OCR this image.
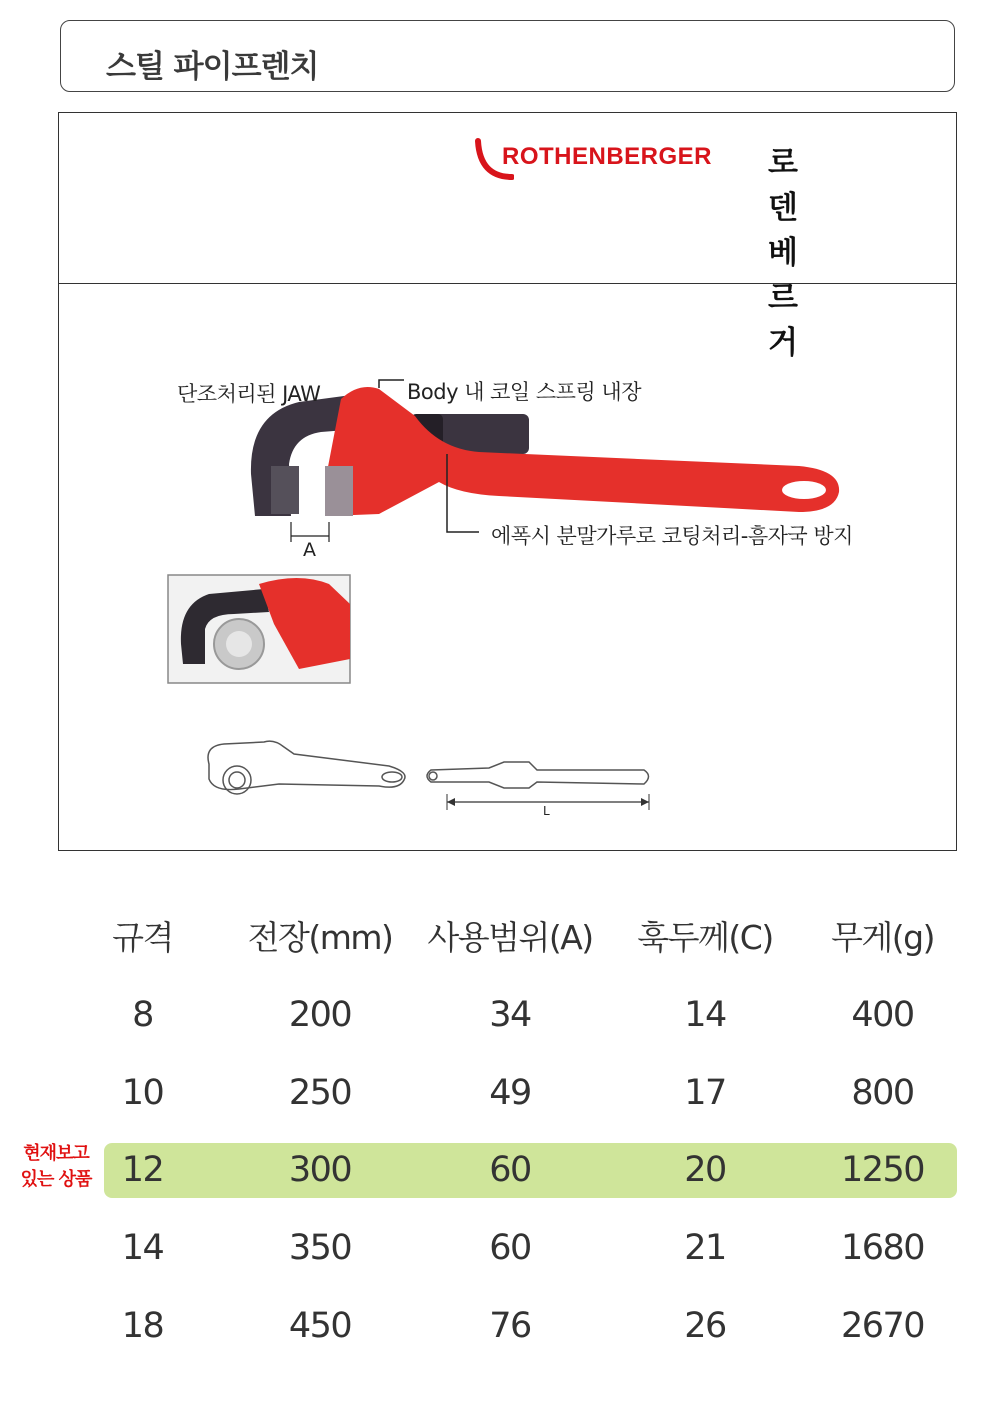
스틸 파이프렌치
ROTHENBERGER 로덴베르거
단조처리된 JAW	Body 내 코일 스프링 내장
에폭시 분말가루로 코팅처리-흠자국 방지
A
L
현재보고
있는 상품
규격	전장(mm)	사용범위(A)	훅두께(C)	무게(g)
8	200	34	14	400
10	250	49	17	800
12	300	60	20	1250
14	350	60	21	1680
18	450	76	26	2670
